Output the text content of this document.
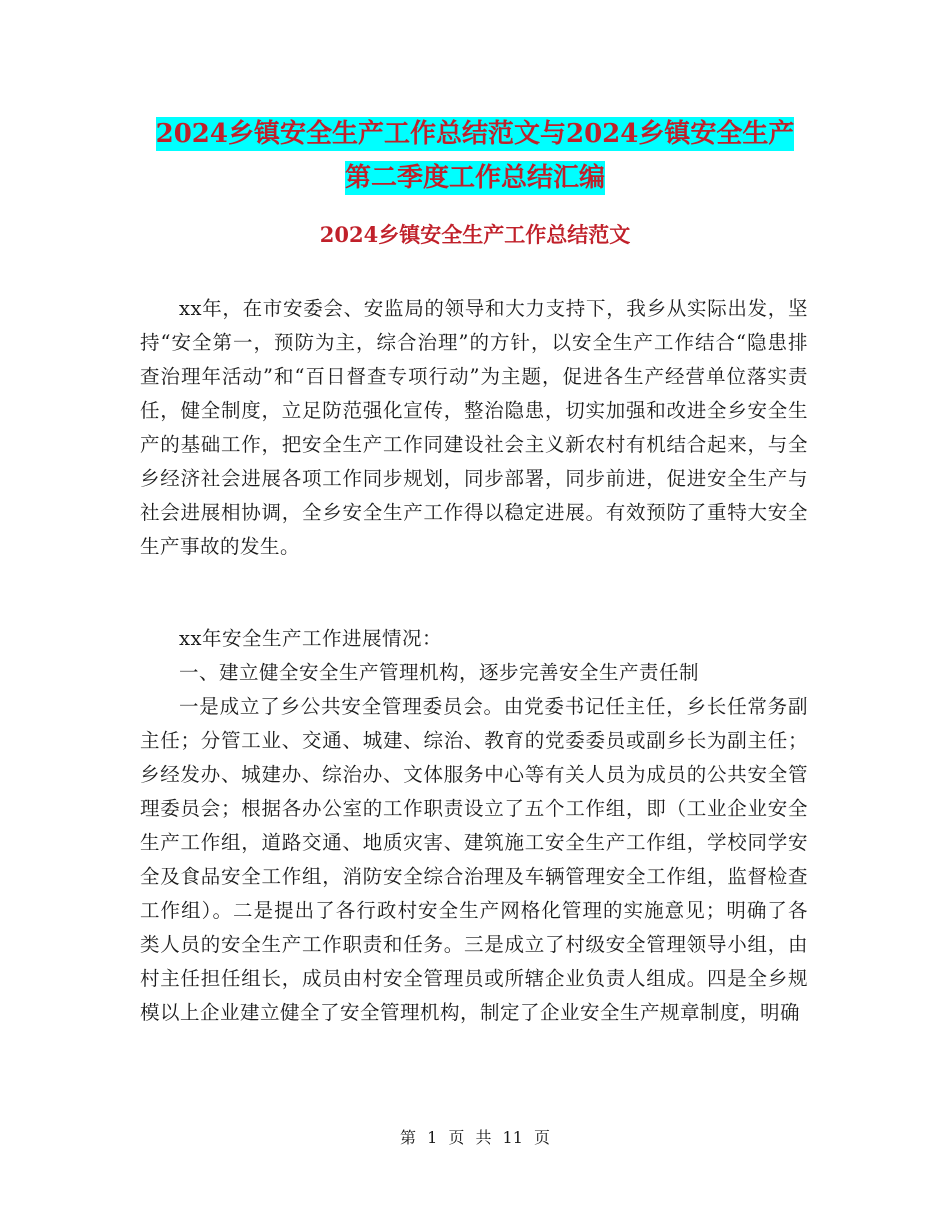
2024乡镇安全生产工作总结范文与2024乡镇安全生产
第二季度工作总结汇编
2024乡镇安全生产工作总结范文

xx年，在市安委会、安监局的领导和大力支持下，我乡从实际出发，坚持“安全第一，预防为主，综合治理”的方针，以安全生产工作结合“隐患排查治理年活动”和“百日督查专项行动”为主题，促进各生产经营单位落实责任，健全制度，立足防范强化宣传，整治隐患，切实加强和改进全乡安全生产的基础工作，把安全生产工作同建设社会主义新农村有机结合起来，与全乡经济社会进展各项工作同步规划，同步部署，同步前进，促进安全生产与社会进展相协调，全乡安全生产工作得以稳定进展。有效预防了重特大安全生产事故的发生。

xx年安全生产工作进展情况：

一、建立健全安全生产管理机构，逐步完善安全生产责任制

一是成立了乡公共安全管理委员会。由党委书记任主任，乡长任常务副主任；分管工业、交通、城建、综治、教育的党委委员或副乡长为副主任；乡经发办、城建办、综治办、文体服务中心等有关人员为成员的公共安全管理委员会；根据各办公室的工作职责设立了五个工作组，即（工业企业安全生产工作组，道路交通、地质灾害、建筑施工安全生产工作组，学校同学安全及食品安全工作组，消防安全综合治理及车辆管理安全工作组，监督检查工作组）。二是提出了各行政村安全生产网格化管理的实施意见；明确了各类人员的安全生产工作职责和任务。三是成立了村级安全管理领导小组，由村主任担任组长，成员由村安全管理员或所辖企业负责人组成。四是全乡规模以上企业建立健全了安全管理机构，制定了企业安全生产规章制度，明确

第 1 页 共 11 页
